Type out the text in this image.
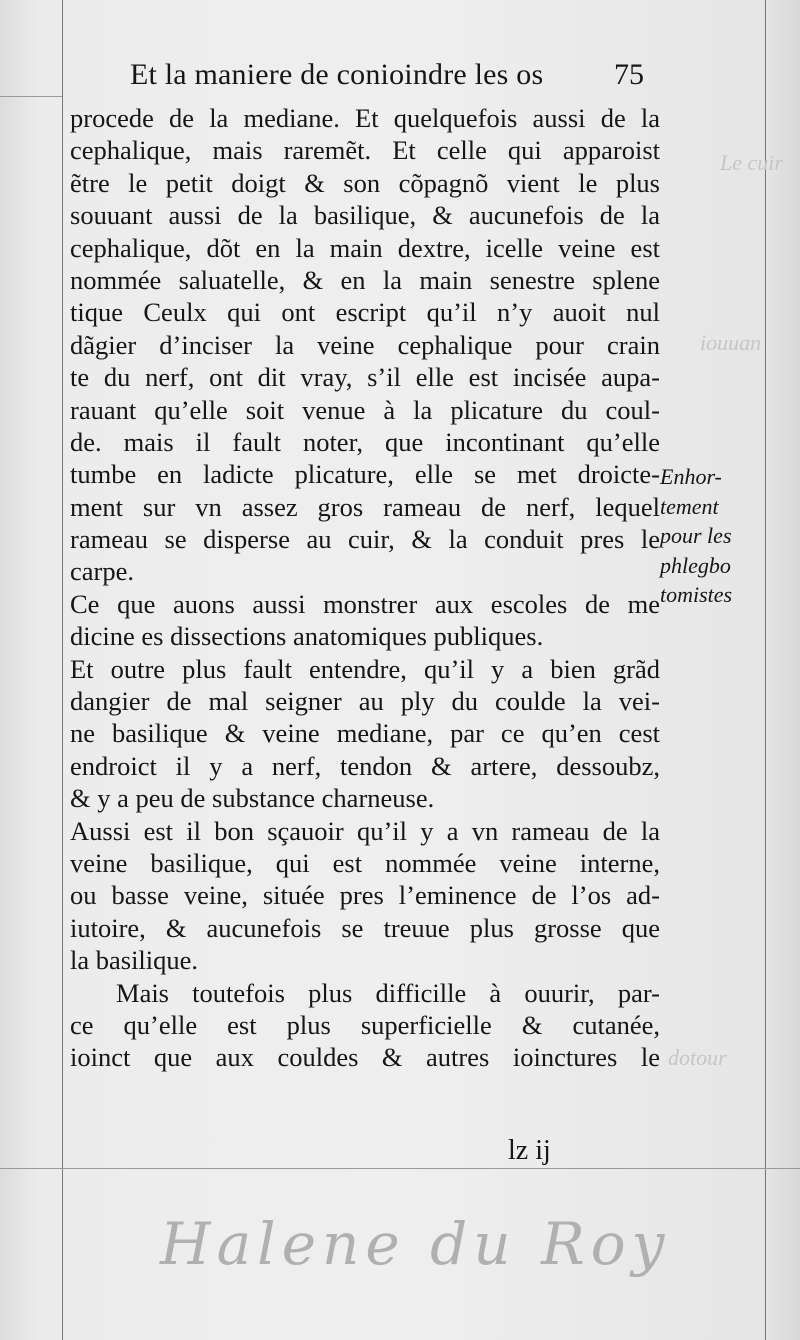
Le cuir
iouuan
dotour
Et la maniere de conioindre les os 75
procede de la mediane. Et quelquefois aussi de la
cephalique, mais raremẽt. Et celle qui apparoist
ẽtre le petit doigt & son cõpagnõ vient le plus
souuant aussi de la basilique, & aucunefois de la
cephalique, dõt en la main dextre, icelle veine est
nommée saluatelle, & en la main senestre splene
tique Ceulx qui ont escript qu’il n’y auoit nul
dãgier d’inciser la veine cephalique pour crain
te du nerf, ont dit vray, s’il elle est incisée aupa-
rauant qu’elle soit venue à la plicature du coul-
de. mais il fault noter, que incontinant qu’elle
tumbe en ladicte plicature, elle se met droicte-
ment sur vn assez gros rameau de nerf, lequel
rameau se disperse au cuir, & la conduit pres le
carpe.
Ce que auons aussi monstrer aux escoles de me
dicine es dissections anatomiques publiques.
Et outre plus fault entendre, qu’il y a bien grãd
dangier de mal seigner au ply du coulde la vei-
ne basilique & veine mediane, par ce qu’en cest
endroict il y a nerf, tendon & artere, dessoubz,
& y a peu de substance charneuse.
Aussi est il bon sçauoir qu’il y a vn rameau de la
veine basilique, qui est nommée veine interne,
ou basse veine, située pres l’eminence de l’os ad-
iutoire, & aucunefois se treuue plus grosse que
la basilique.
Mais toutefois plus difficille à ouurir, par-
ce qu’elle est plus superficielle & cutanée,
ioinct que aux couldes & autres ioinctures le
Enhor-
tement
pour les
phlegbo
tomistes
lz ij
Halene du Roy
